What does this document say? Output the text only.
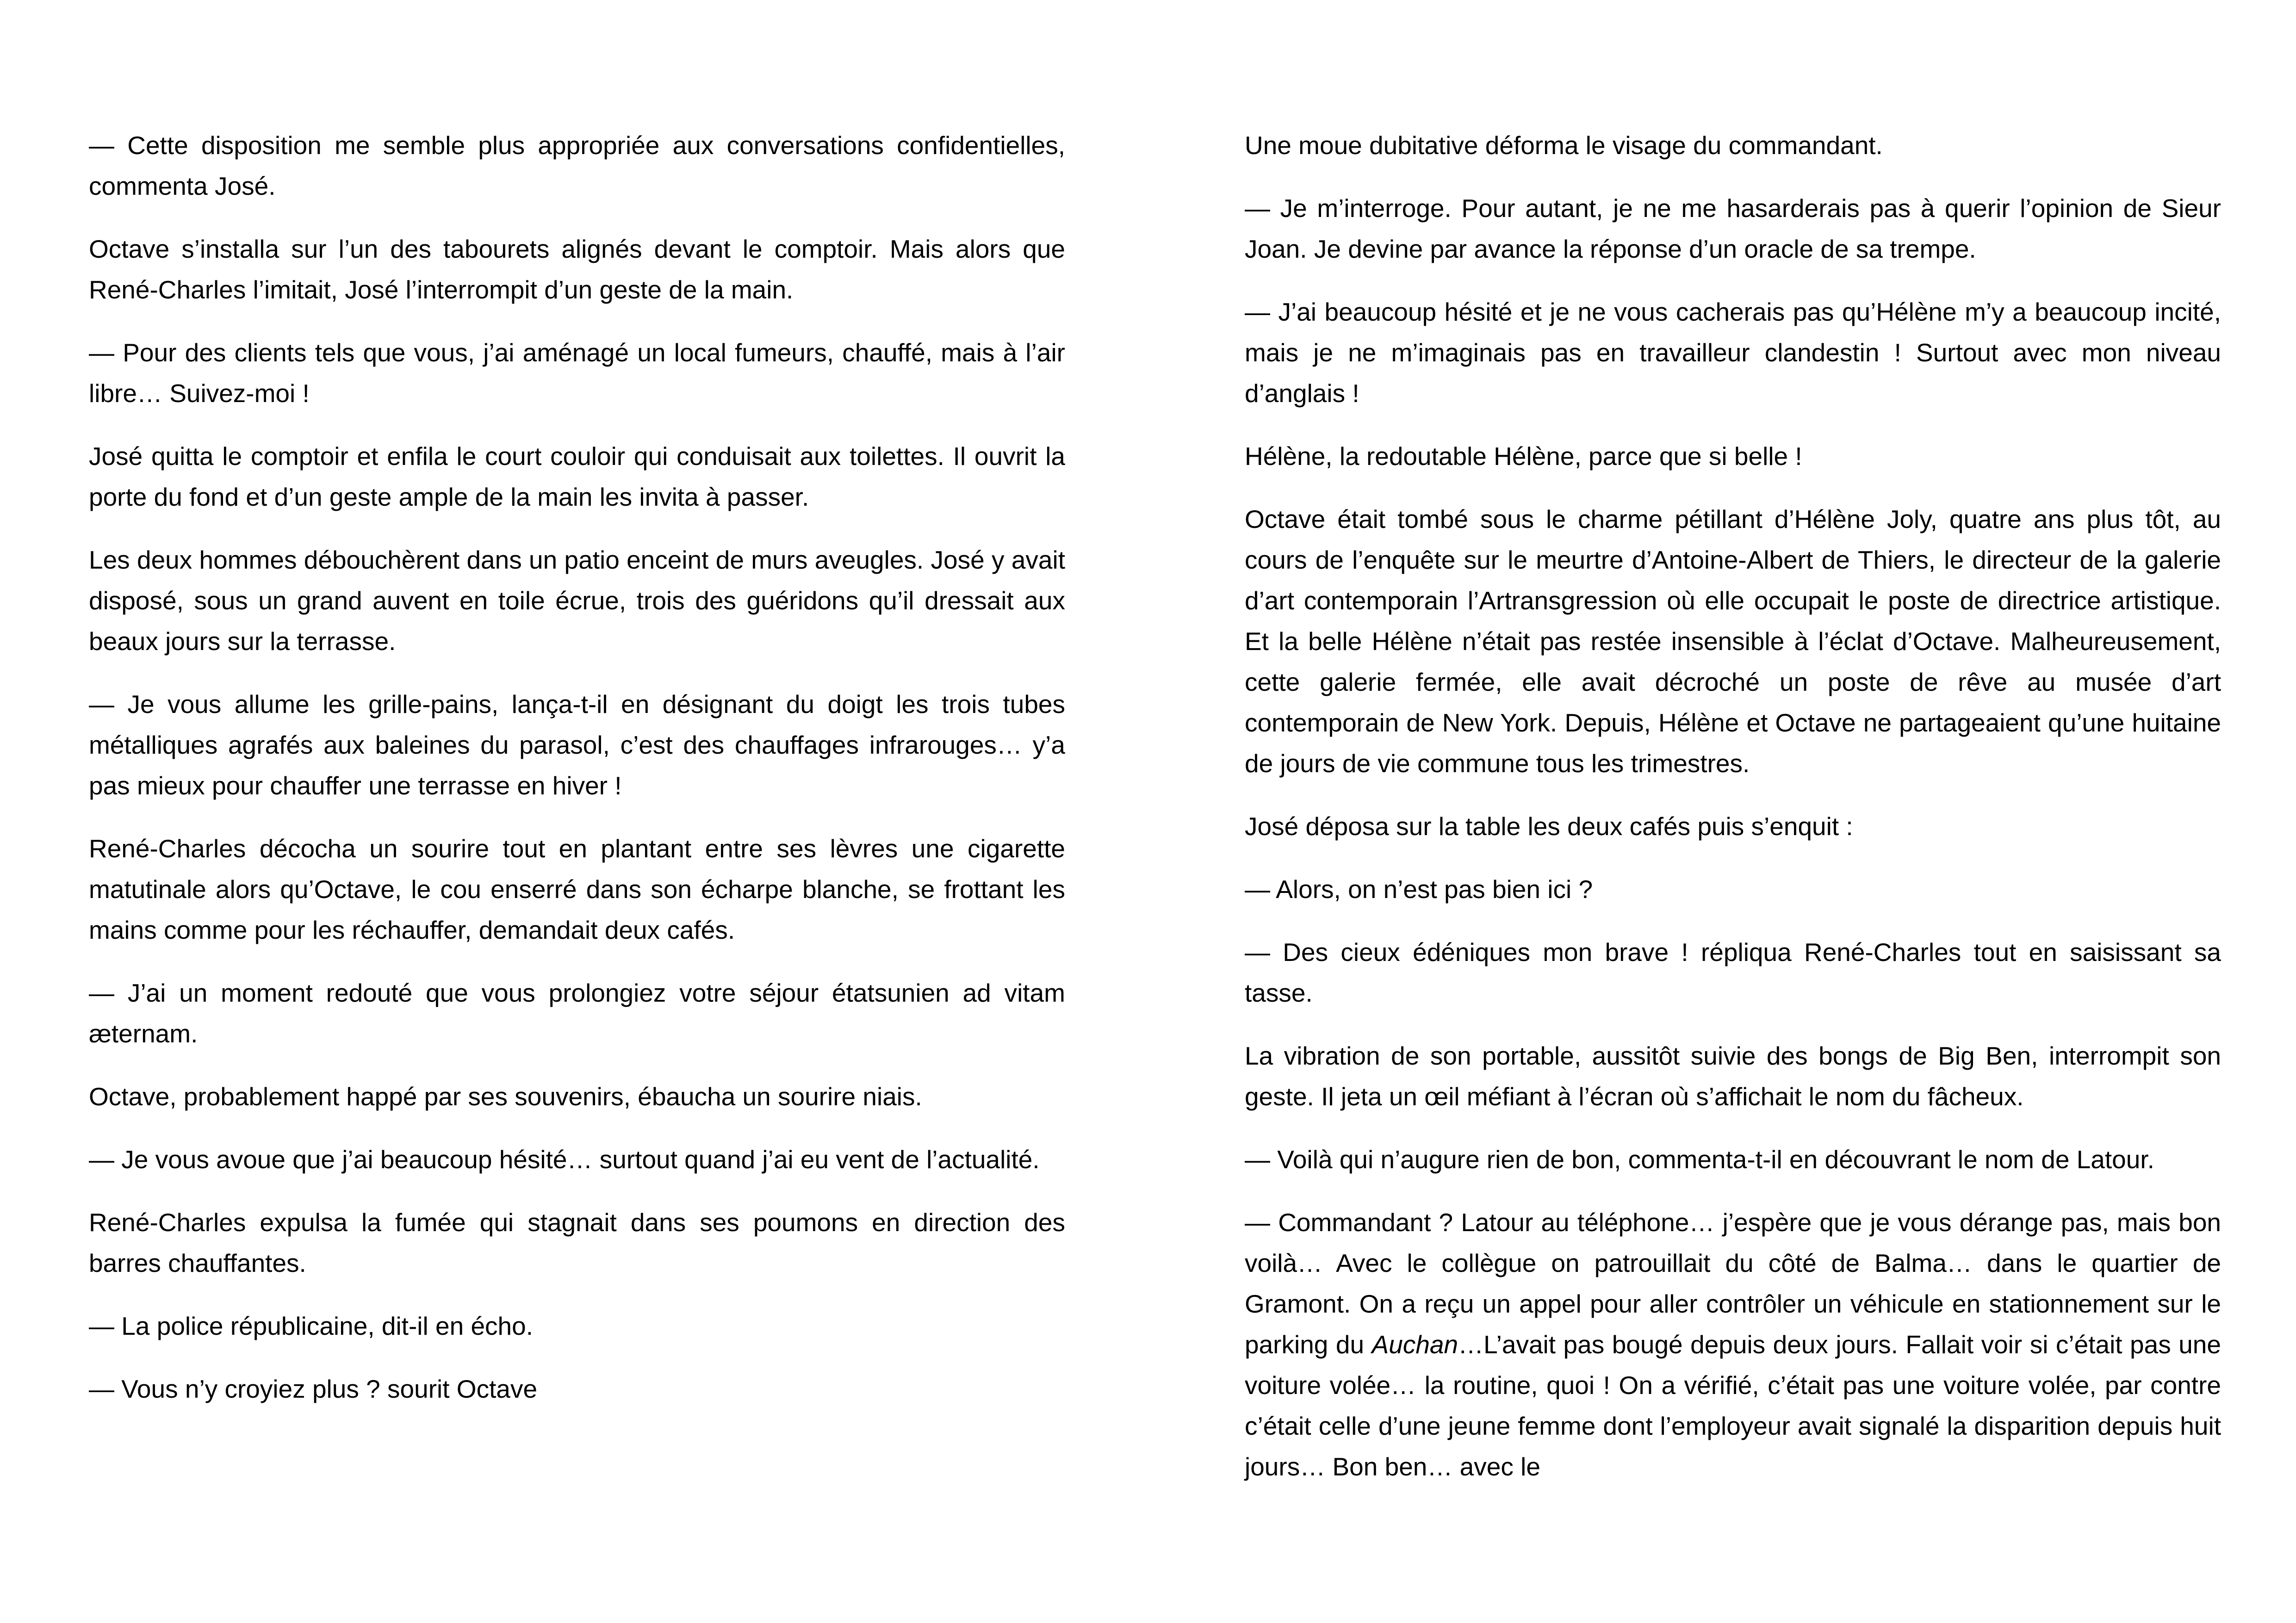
— Cette disposition me semble plus appropriée aux conversations confidentielles, commenta José.

Octave s’installa sur l’un des tabourets alignés devant le comptoir. Mais alors que René-Charles l’imitait, José l’interrompit d’un geste de la main.

— Pour des clients tels que vous, j’ai aménagé un local fumeurs, chauffé, mais à l’air libre… Suivez-moi !

José quitta le comptoir et enfila le court couloir qui conduisait aux toilettes. Il ouvrit la porte du fond et d’un geste ample de la main les invita à passer.

Les deux hommes débouchèrent dans un patio enceint de murs aveugles. José y avait disposé, sous un grand auvent en toile écrue, trois des guéridons qu’il dressait aux beaux jours sur la terrasse.

— Je vous allume les grille-pains, lança-t-il en désignant du doigt les trois tubes métalliques agrafés aux baleines du parasol, c’est des chauffages infrarouges… y’a pas mieux pour chauffer une terrasse en hiver !

René-Charles décocha un sourire tout en plantant entre ses lèvres une cigarette matutinale alors qu’Octave, le cou enserré dans son écharpe blanche, se frottant les mains comme pour les réchauffer, demandait deux cafés.

— J’ai un moment redouté que vous prolongiez votre séjour étatsunien ad vitam æternam.

Octave, probablement happé par ses souvenirs, ébaucha un sourire niais.

— Je vous avoue que j’ai beaucoup hésité… surtout quand j’ai eu vent de l’actualité.

René-Charles expulsa la fumée qui stagnait dans ses poumons en direction des barres chauffantes.

— La police républicaine, dit-il en écho.

— Vous n’y croyiez plus ? sourit Octave

Une moue dubitative déforma le visage du commandant.

— Je m’interroge. Pour autant, je ne me hasarderais pas à querir l’opinion de Sieur Joan. Je devine par avance la réponse d’un oracle de sa trempe.

— J’ai beaucoup hésité et je ne vous cacherais pas qu’Hélène m’y a beaucoup incité, mais je ne m’imaginais pas en travailleur clandestin ! Surtout avec mon niveau d’anglais !

Hélène, la redoutable Hélène, parce que si belle !

Octave était tombé sous le charme pétillant d’Hélène Joly, quatre ans plus tôt, au cours de l’enquête sur le meurtre d’Antoine-Albert de Thiers, le directeur de la galerie d’art contemporain l’Artransgression où elle occupait le poste de directrice artistique. Et la belle Hélène n’était pas restée insensible à l’éclat d’Octave. Malheureusement, cette galerie fermée, elle avait décroché un poste de rêve au musée d’art contemporain de New York. Depuis, Hélène et Octave ne partageaient qu’une huitaine de jours de vie commune tous les trimestres.

José déposa sur la table les deux cafés puis s’enquit :

— Alors, on n’est pas bien ici ?

— Des cieux édéniques mon brave ! répliqua René-Charles tout en saisissant sa tasse.

La vibration de son portable, aussitôt suivie des bongs de Big Ben, interrompit son geste. Il jeta un œil méfiant à l’écran où s’affichait le nom du fâcheux.

— Voilà qui n’augure rien de bon, commenta-t-il en découvrant le nom de Latour.

— Commandant ? Latour au téléphone… j’espère que je vous dérange pas, mais bon voilà… Avec le collègue on patrouillait du côté de Balma… dans le quartier de Gramont. On a reçu un appel pour aller contrôler un véhicule en stationnement sur le parking du Auchan…L’avait pas bougé depuis deux jours. Fallait voir si c’était pas une voiture volée… la routine, quoi ! On a vérifié, c’était pas une voiture volée, par contre c’était celle d’une jeune femme dont l’employeur avait signalé la disparition depuis huit jours… Bon ben… avec le
